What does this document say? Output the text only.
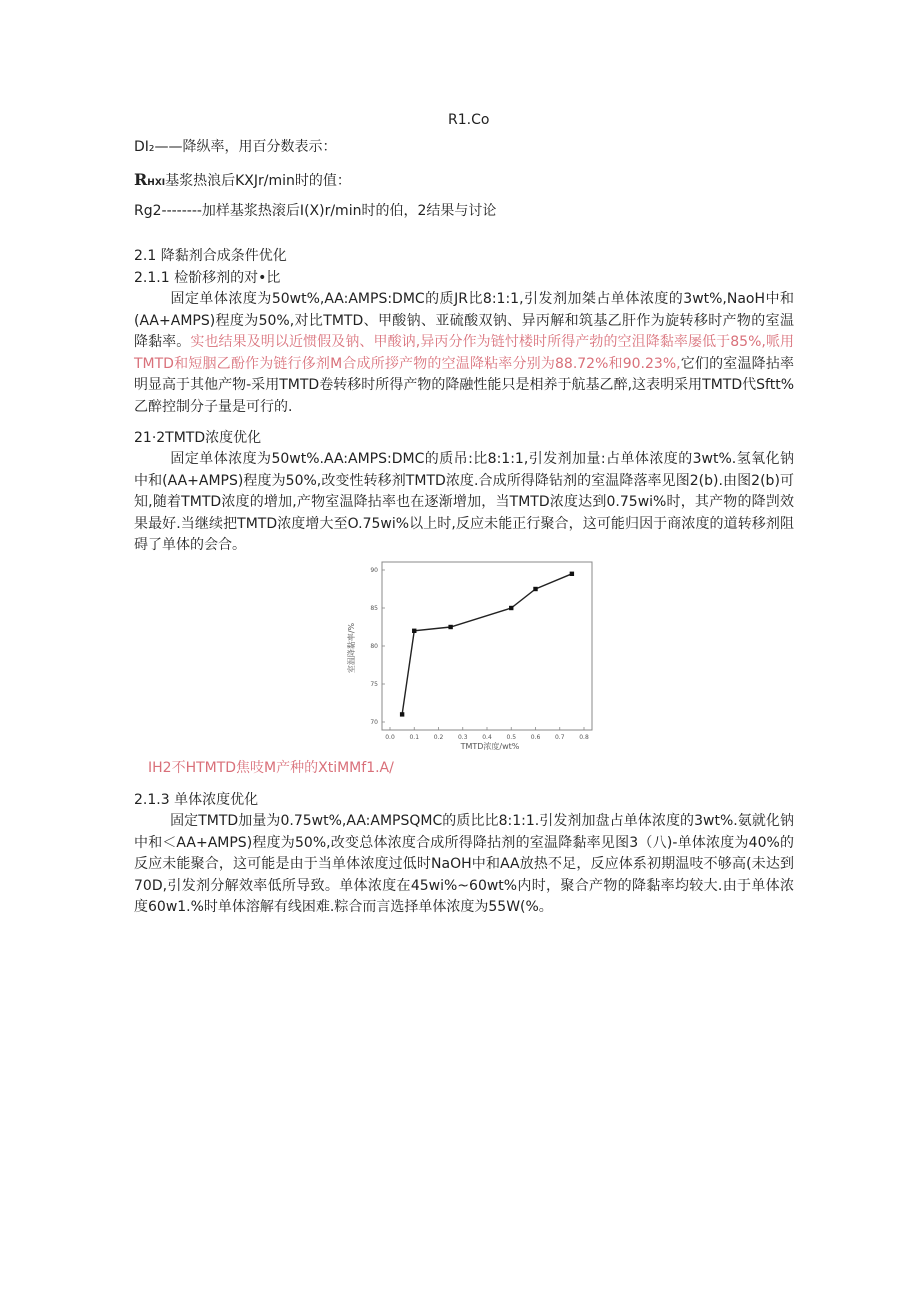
R1.Co
DI₂——降纵率，用百分数表示：
RHXI基浆热浪后KXJr/min时的值：
Rg2--------加样基浆热滚后I(X)r/min时的伯，2结果与讨论
2.1 降黏剂合成条件优化
2.1.1 检骱移剂的对•比
固定单体浓度为50wt%,AA:AMPS:DMC的质JR比8:1:1,引发剂加桀占单体浓度的3wt%,NaoH中和(AA+AMPS)程度为50%,对比TMTD、甲酸钠、亚硫酸双钠、异丙解和筑基乙肝作为旋转移时产物的室温降黏率。实也结果及明以近惯假及钠、甲酸讷,异丙分作为链忖楼时所得产勃的空沮降黏率屡低于85%,哌用TMTD和短胭乙酚作为链行侈剂M合成所拶产物的空温降粘率分别为88.72%和90.23%,它们的室温降拈率明显高于其他产物-采用TMTD卷转移时所得产物的降融性能只是相养于航基乙醉,这表明采用TMTD代Sftt%乙醉控制分子量是可行的.
21·2TMTD浓度优化
固定单体浓度为50wt%.AA:AMPS:DMC的质吊:比8:1:1,引发剂加量:占单体浓度的3wt%.氢氧化钠中和(AA+AMPS)程度为50%,改变性转移剂TMTD浓度.合成所得降钻剂的室温降落率见图2(b).由图2(b)可知,随着TMTD浓度的增加,产物室温降拈率也在逐渐增加，当TMTD浓度达到0.75wi%时，其产物的降剀效果最好.当继续把TMTD浓度增大至O.75wi%以上时,反应未能正行聚合，这可能归因于商浓度的道转移剂阻碍了单体的会合。
TMTD浓度/wt%
室温降黏率/%
0.0 0.1 0.2 0.3 0.4 0.5 0.6 0.7 0.8
70
75
80
85
90
IH2不HTMTD焦吱M产种的XtiMMf1.A/
2.1.3 单体浓度优化
固定TMTD加量为0.75wt%,AA:AMPSQMC的质比比8:1:1.引发剂加盘占单体浓度的3wt%.氨就化钠中和＜AA+AMPS)程度为50%,改变总体浓度合成所得降拈剂的室温降黏率见图3（八)-单体浓度为40%的反应未能聚合，这可能是由于当单体浓度过低时NaOH中和AA放热不足，反应体系初期温吱不够高(未达到70D,引发剂分解效率低所导致。单体浓度在45wi%~60wt%内时，聚合产物的降黏率均较大.由于单体浓度60w1.%时单体溶解有线困难.粽合而言选择单体浓度为55W(%。
